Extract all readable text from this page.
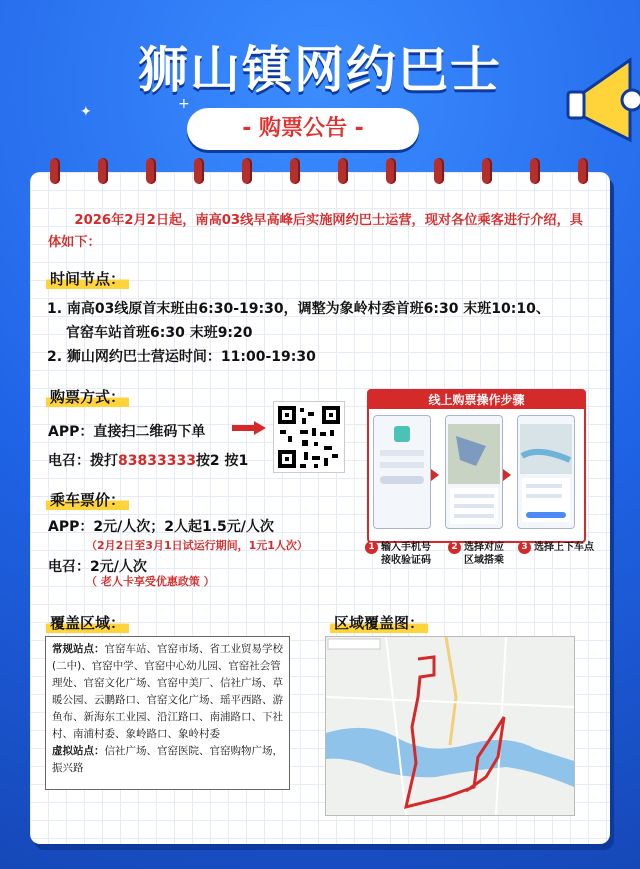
狮山镇网约巴士
- 购票公告 -
+
✦
2026年2月2日起，南高03线早高峰后实施网约巴士运营，现对各位乘客进行介绍，具体如下：
时间节点：
1. 南高03线原首末班由6:30-19:30，调整为象岭村委首班6:30 末班10:10、
官窑车站首班6:30 末班9:20
2. 狮山网约巴士营运时间：11:00-19:30
购票方式：
APP：直接扫二维码下单
电召：拨打83833333按2 按1
线上购票操作步骤
1 输入手机号
接收验证码
2 选择对应
区域搭乘
3 选择上下车点
乘车票价：
APP：2元/人次；2人起1.5元/人次
（2月2日至3月1日试运行期间，1元1人次）
电召：2元/人次
（ 老人卡享受优惠政策 ）
覆盖区域：
常规站点：官窑车站、官窑市场、省工业贸易学校(二中)、官窑中学、官窑中心幼儿园、官窑社会管理处、官窑文化广场、官窑中美厂、信社广场、草暖公园、云鹏路口、官窑文化广场、瑶平西路、游鱼布、新海东工业园、沿江路口、南浦路口、下社村、南浦村委、象岭路口、象岭村委
虚拟站点：信社广场、官窑医院、官窑购物广场，振兴路
区域覆盖图：
